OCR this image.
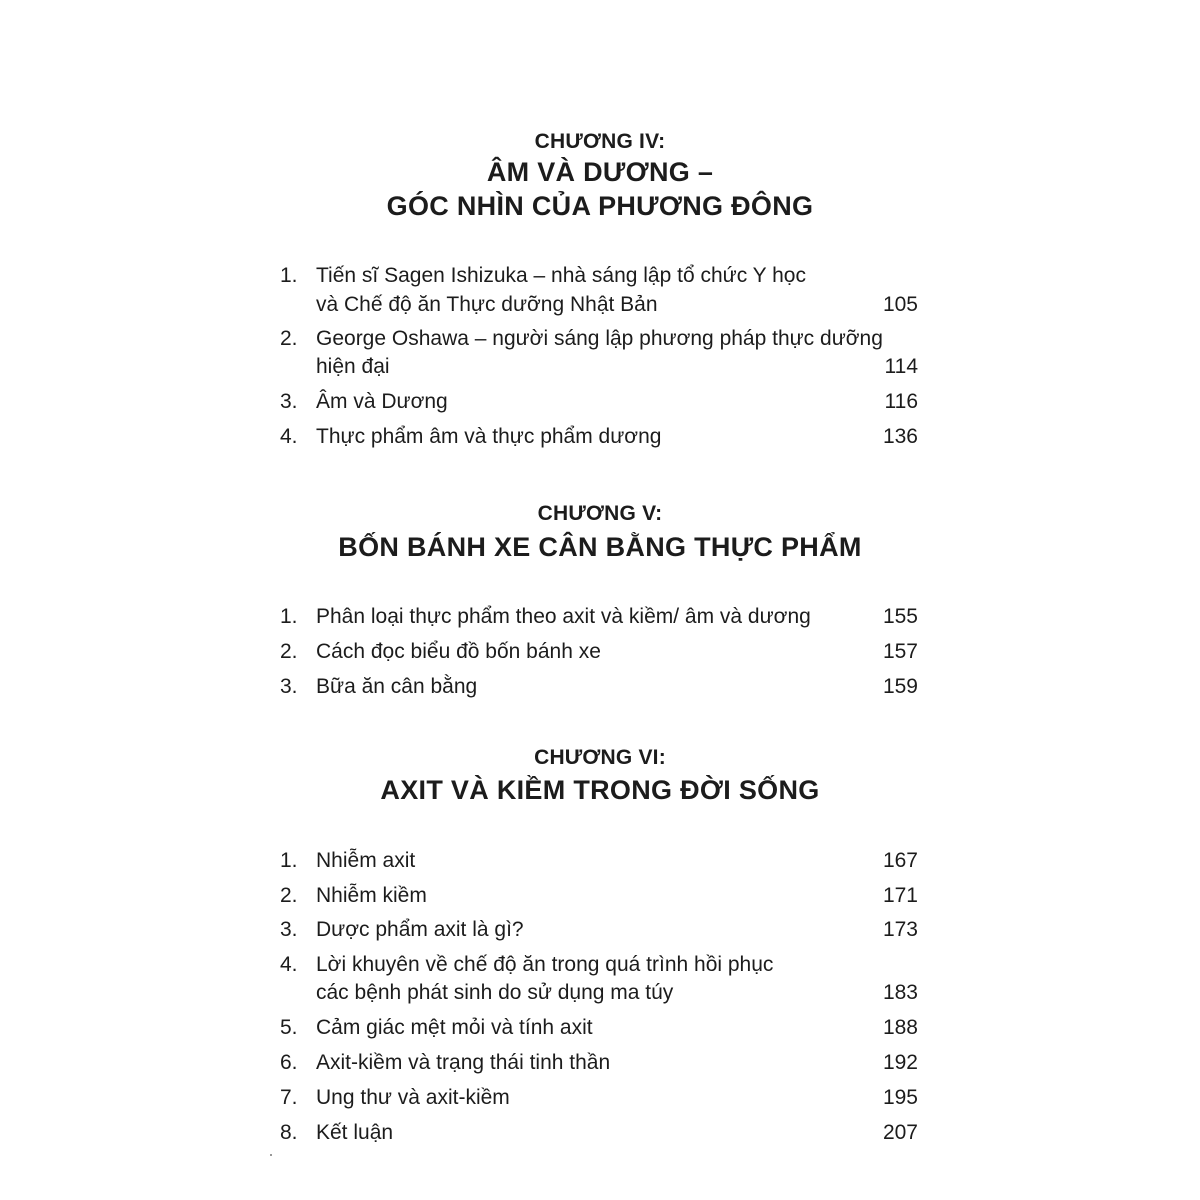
CHƯƠNG IV:
ÂM VÀ DƯƠNG –
GÓC NHÌN CỦA PHƯƠNG ĐÔNG
1. Tiến sĩ Sagen Ishizuka – nhà sáng lập tổ chức Y học
và Chế độ ăn Thực dưỡng Nhật Bản	105
2. George Oshawa – người sáng lập phương pháp thực dưỡng
hiện đại	114
3. Âm và Dương	116
4. Thực phẩm âm và thực phẩm dương	136
CHƯƠNG V:
BỐN BÁNH XE CÂN BẰNG THỰC PHẨM
1. Phân loại thực phẩm theo axit và kiềm/ âm và dương	155
2. Cách đọc biểu đồ bốn bánh xe	157
3. Bữa ăn cân bằng	159
CHƯƠNG VI:
AXIT VÀ KIỀM TRONG ĐỜI SỐNG
1. Nhiễm axit	167
2. Nhiễm kiềm	171
3. Dược phẩm axit là gì?	173
4. Lời khuyên về chế độ ăn trong quá trình hồi phục
các bệnh phát sinh do sử dụng ma túy	183
5. Cảm giác mệt mỏi và tính axit	188
6. Axit-kiềm và trạng thái tinh thần	192
7. Ung thư và axit-kiềm	195
8. Kết luận	207
